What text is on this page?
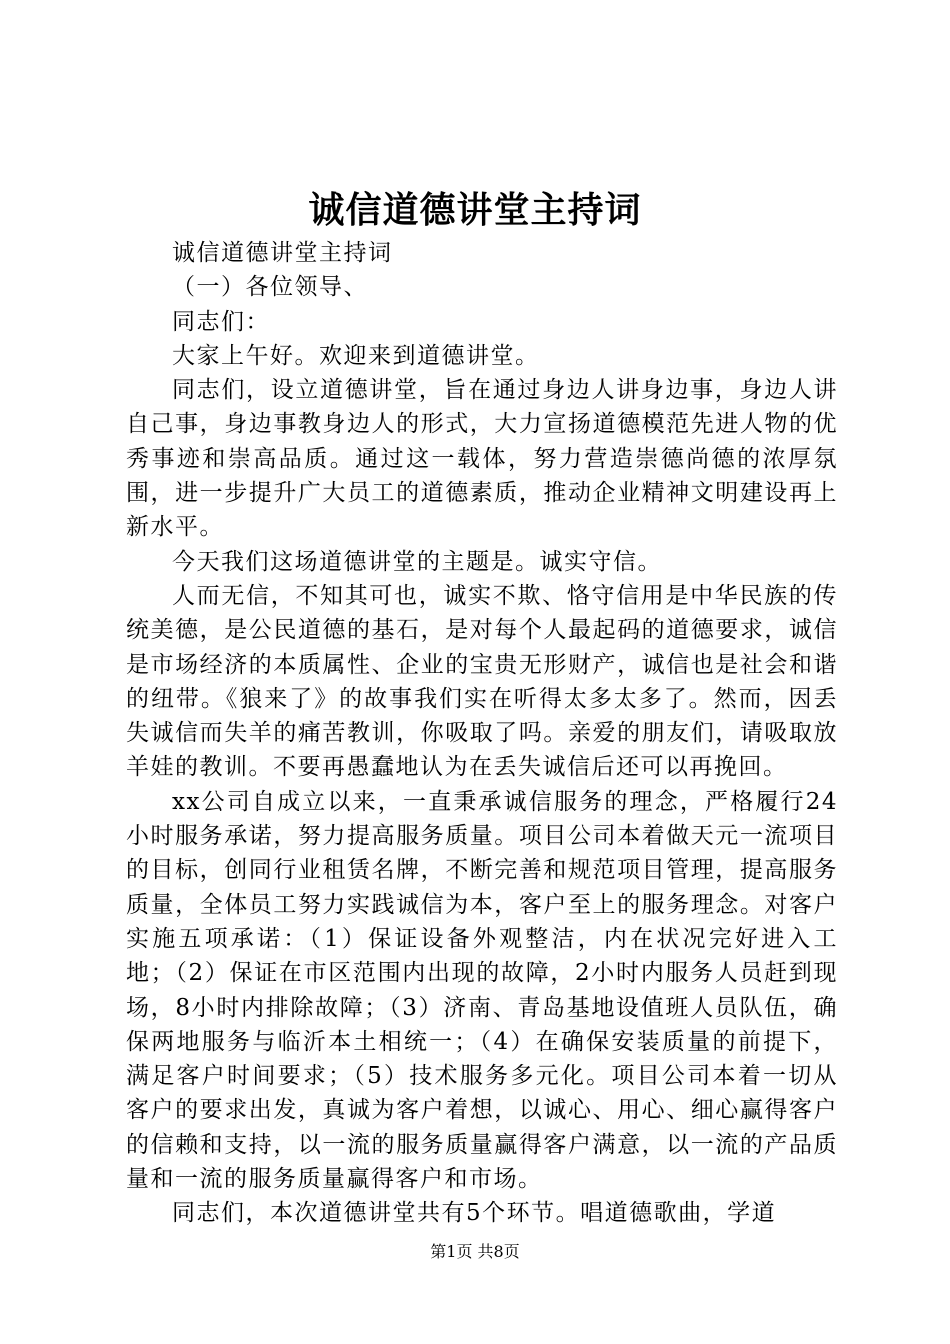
诚信道德讲堂主持词

诚信道德讲堂主持词

（一）各位领导、

同志们：

大家上午好。欢迎来到道德讲堂。

同志们，设立道德讲堂，旨在通过身边人讲身边事，身边人讲自己事，身边事教身边人的形式，大力宣扬道德模范先进人物的优秀事迹和崇高品质。通过这一载体，努力营造崇德尚德的浓厚氛围，进一步提升广大员工的道德素质，推动企业精神文明建设再上新水平。

今天我们这场道德讲堂的主题是。诚实守信。

人而无信，不知其可也，诚实不欺、恪守信用是中华民族的传统美德，是公民道德的基石，是对每个人最起码的道德要求，诚信是市场经济的本质属性、企业的宝贵无形财产，诚信也是社会和谐的纽带。《狼来了》的故事我们实在听得太多太多了。然而，因丢失诚信而失羊的痛苦教训，你吸取了吗。亲爱的朋友们，请吸取放羊娃的教训。不要再愚蠢地认为在丢失诚信后还可以再挽回。

xx公司自成立以来，一直秉承诚信服务的理念，严格履行24小时服务承诺，努力提高服务质量。项目公司本着做天元一流项目的目标，创同行业租赁名牌，不断完善和规范项目管理，提高服务质量，全体员工努力实践诚信为本，客户至上的服务理念。对客户实施五项承诺：（1）保证设备外观整洁，内在状况完好进入工地；（2）保证在市区范围内出现的故障，2小时内服务人员赶到现场，8小时内排除故障；（3）济南、青岛基地设值班人员队伍，确保两地服务与临沂本土相统一；（4）在确保安装质量的前提下，满足客户时间要求；（5）技术服务多元化。项目公司本着一切从客户的要求出发，真诚为客户着想，以诚心、用心、细心赢得客户的信赖和支持，以一流的服务质量赢得客户满意，以一流的产品质量和一流的服务质量赢得客户和市场。

同志们，本次道德讲堂共有5个环节。唱道德歌曲，学道

第1页 共8页
